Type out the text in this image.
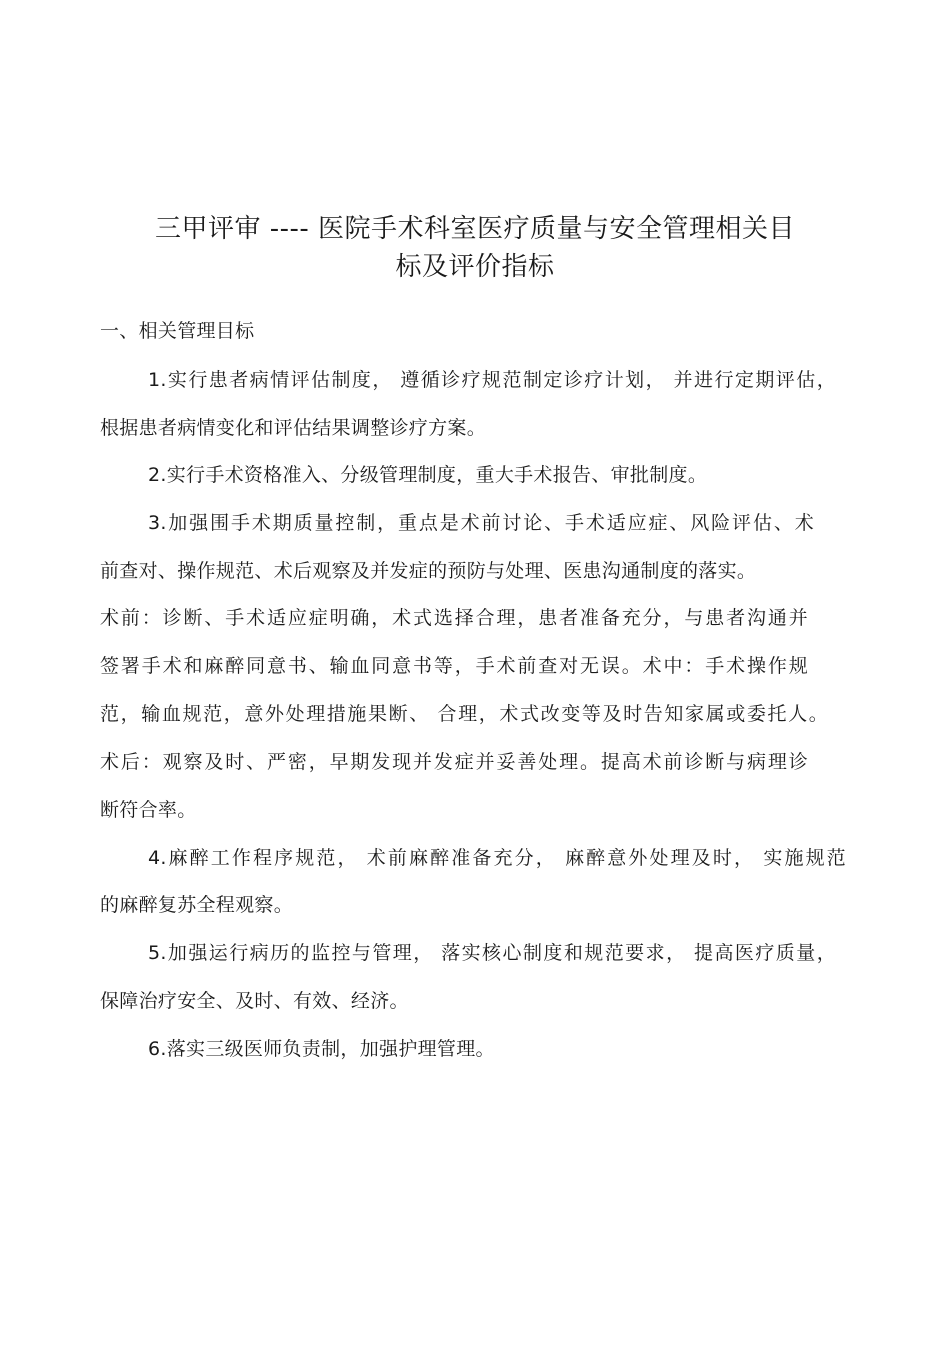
三甲评审 ---- 医院手术科室医疗质量与安全管理相关目
标及评价指标
一、相关管理目标
1.实行患者病情评估制度， 遵循诊疗规范制定诊疗计划， 并进行定期评估，
根据患者病情变化和评估结果调整诊疗方案。
2.实行手术资格准入、分级管理制度，重大手术报告、审批制度。
3.加强围手术期质量控制，重点是术前讨论、手术适应症、风险评估、术
前查对、操作规范、术后观察及并发症的预防与处理、医患沟通制度的落实。
术前：诊断、手术适应症明确，术式选择合理，患者准备充分，与患者沟通并
签署手术和麻醉同意书、输血同意书等，手术前查对无误。术中：手术操作规
范，输血规范，意外处理措施果断、 合理，术式改变等及时告知家属或委托人。
术后：观察及时、严密，早期发现并发症并妥善处理。提高术前诊断与病理诊
断符合率。
4.麻醉工作程序规范， 术前麻醉准备充分， 麻醉意外处理及时， 实施规范
的麻醉复苏全程观察。
5.加强运行病历的监控与管理， 落实核心制度和规范要求， 提高医疗质量，
保障治疗安全、及时、有效、经济。
6.落实三级医师负责制，加强护理管理。
